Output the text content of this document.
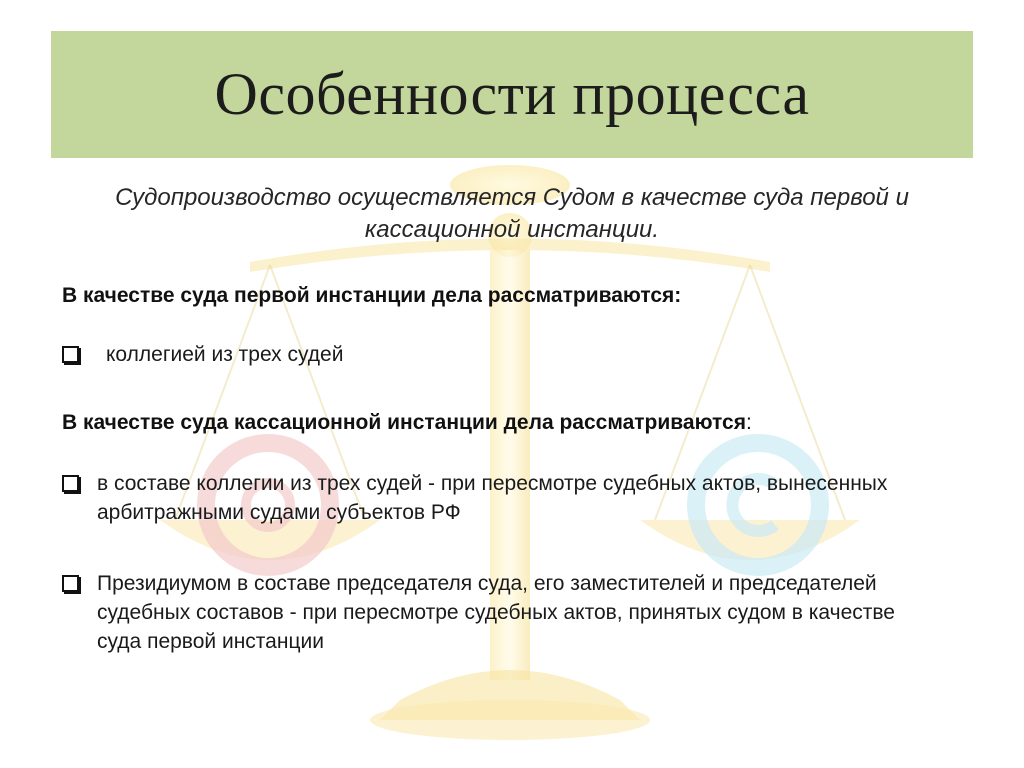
Особенности процесса
Судопроизводство осуществляется Судом в качестве суда первой и кассационной инстанции.
В качестве суда первой инстанции дела рассматриваются:
коллегией из трех судей
В качестве суда кассационной инстанции дела рассматриваются:
в составе коллегии из трех судей - при пересмотре судебных актов, вынесенных арбитражными судами субъектов РФ
Президиумом в составе председателя суда, его заместителей и председателей судебных составов - при пересмотре судебных актов, принятых судом в качестве суда первой инстанции
